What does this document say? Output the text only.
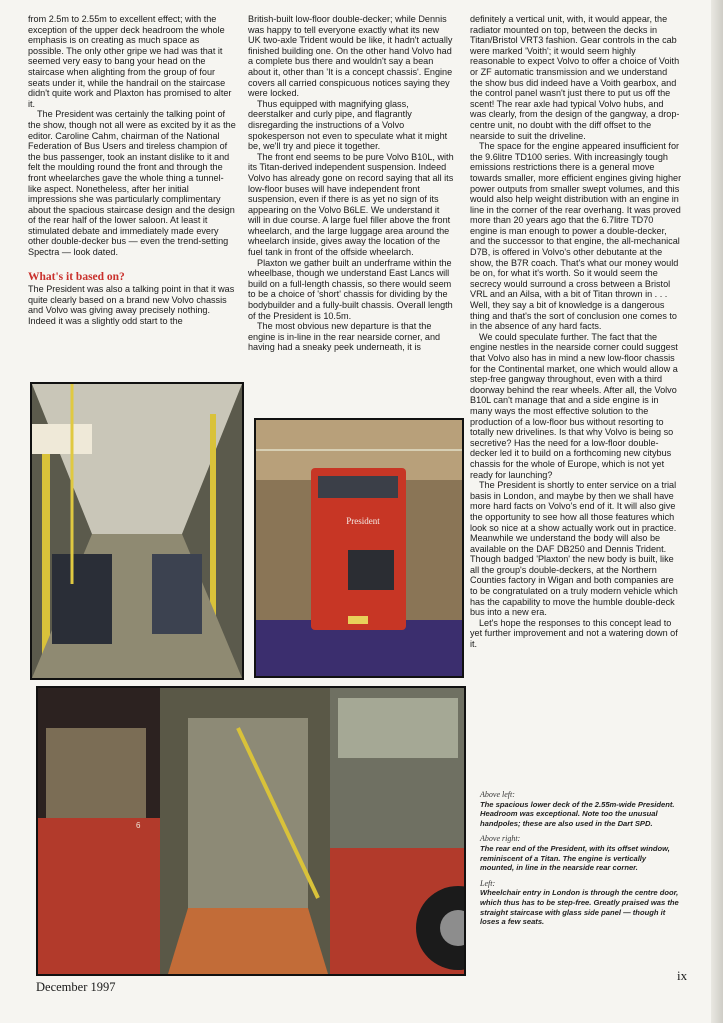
from 2.5m to 2.55m to excellent effect; with the exception of the upper deck headroom the whole emphasis is on creating as much space as possible. The only other gripe we had was that it seemed very easy to bang your head on the staircase when alighting from the group of four seats under it, while the handrail on the staircase didn't quite work and Plaxton has promised to alter it.

The President was certainly the talking point of the show, though not all were as excited by it as the editor. Caroline Cahm, chairman of the National Federation of Bus Users and tireless champion of the bus passenger, took an instant dislike to it and felt the moulding round the front and through the front wheelarches gave the whole thing a tunnel-like aspect. Nonetheless, after her initial impressions she was particularly complimentary about the spacious staircase design and the design of the rear half of the lower saloon. At least it stimulated debate and immediately made every other double-decker bus — even the trend-setting Spectra — look dated.

What's it based on?

The President was also a talking point in that it was quite clearly based on a brand new Volvo chassis and Volvo was giving away precisely nothing. Indeed it was a slightly odd start to the

British-built low-floor double-decker; while Dennis was happy to tell everyone exactly what its new UK two-axle Trident would be like, it hadn't actually finished building one. On the other hand Volvo had a complete bus there and wouldn't say a bean about it, other than 'It is a concept chassis'. Engine covers all carried conspicuous notices saying they were locked.

Thus equipped with magnifying glass, deerstalker and curly pipe, and flagrantly disregarding the instructions of a Volvo spokesperson not even to speculate what it might be, we'll try and piece it together.

The front end seems to be pure Volvo B10L, with its Titan-derived independent suspension. Indeed Volvo has already gone on record saying that all its low-floor buses will have independent front suspension, even if there is as yet no sign of its appearing on the Volvo B6LE. We understand it will in due course. A large fuel filler above the front wheelarch, and the large luggage area around the wheelarch inside, gives away the location of the fuel tank in front of the offside wheelarch.

Plaxton we gather built an underframe within the wheelbase, though we understand East Lancs will build on a full-length chassis, so there would seem to be a choice of 'short' chassis for dividing by the bodybuilder and a fully-built chassis. Overall length of the President is 10.5m.

The most obvious new departure is that the engine is in-line in the rear nearside corner, and having had a sneaky peek underneath, it is

definitely a vertical unit, with, it would appear, the radiator mounted on top, between the decks in Titan/Bristol VRT3 fashion. Gear controls in the cab were marked 'Voith'; it would seem highly reasonable to expect Volvo to offer a choice of Voith or ZF automatic transmission and we understand the show bus did indeed have a Voith gearbox, and the control panel wasn't just there to put us off the scent! The rear axle had typical Volvo hubs, and was clearly, from the design of the gangway, a drop-centre unit, no doubt with the diff offset to the nearside to suit the driveline.

The space for the engine appeared insufficient for the 9.6litre TD100 series. With increasingly tough emissions restrictions there is a general move towards smaller, more efficient engines giving higher power outputs from smaller swept volumes, and this would also help weight distribution with an engine in line in the corner of the rear overhang. It was proved more than 20 years ago that the 6.7litre TD70 engine is man enough to power a double-decker, and the successor to that engine, the all-mechanical D7B, is offered in Volvo's other debutante at the show, the B7R coach. That's what our money would be on, for what it's worth. So it would seem the secrecy would surround a cross between a Bristol VRL and an Ailsa, with a bit of Titan thrown in . . . Well, they say a bit of knowledge is a dangerous thing and that's the sort of conclusion one comes to in the absence of any hard facts.

We could speculate further. The fact that the engine nestles in the nearside corner could suggest that Volvo also has in mind a new low-floor chassis for the Continental market, one which would allow a step-free gangway throughout, even with a third doorway behind the rear wheels. After all, the Volvo B10L can't manage that and a side engine is in many ways the most effective solution to the production of a low-floor bus without resorting to totally new drivelines. Is that why Volvo is being so secretive? Has the need for a low-floor double-decker led it to build on a forthcoming new citybus chassis for the whole of Europe, which is not yet ready for launching?

The President is shortly to enter service on a trial basis in London, and maybe by then we shall have more hard facts on Volvo's end of it. It will also give the opportunity to see how all those features which look so nice at a show actually work out in practice. Meanwhile we understand the body will also be available on the DAF DB250 and Dennis Trident. Though badged 'Plaxton' the new body is built, like all the group's double-deckers, at the Northern Counties factory in Wigan and both companies are to be congratulated on a truly modern vehicle which has the capability to move the humble double-deck bus into a new era.

Let's hope the responses to this concept lead to yet further improvement and not a watering down of it.

President
6
Above left:
The spacious lower deck of the 2.55m-wide President. Headroom was exceptional. Note too the unusual handpoles; these are also used in the Dart SPD.
Above right:
The rear end of the President, with its offset window, reminiscent of a Titan. The engine is vertically mounted, in line in the nearside rear corner.
Left:
Wheelchair entry in London is through the centre door, which thus has to be step-free. Greatly praised was the straight staircase with glass side panel — though it loses a few seats.
December 1997
ix
